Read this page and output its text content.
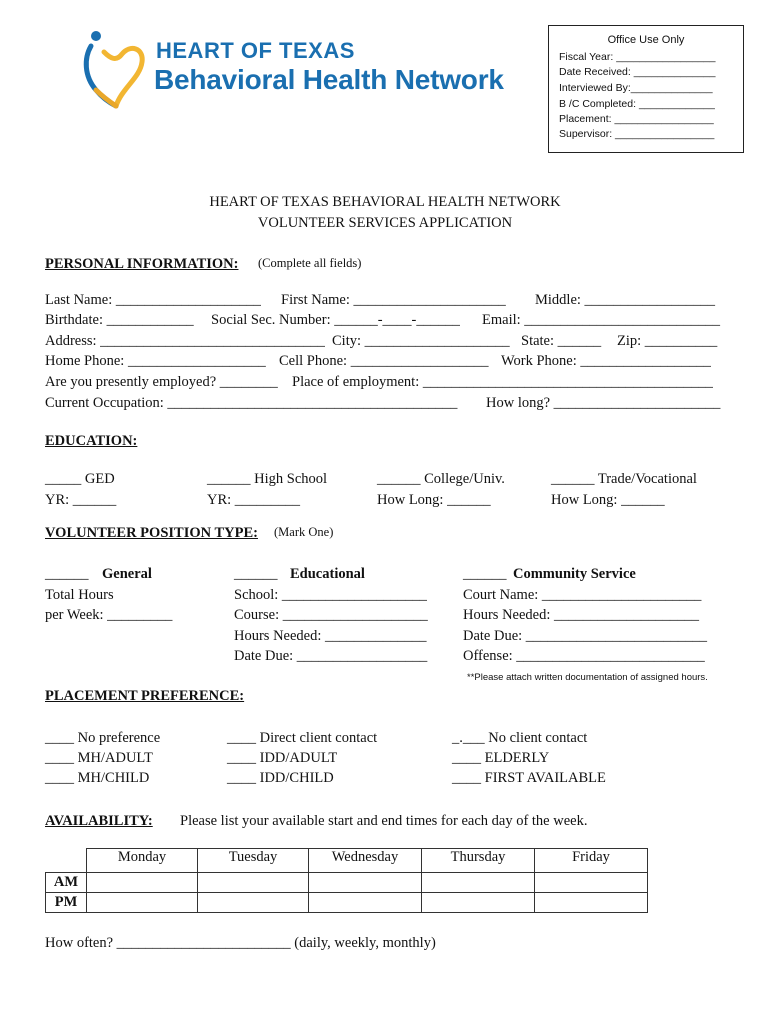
HEART OF TEXAS
Behavioral Health Network
Office Use Only
Fiscal Year: _________________
Date Received: ______________
Interviewed By:______________
B /C Completed: _____________
Placement: _________________
Supervisor: _________________
HEART OF TEXAS BEHAVIORAL HEALTH NETWORK
VOLUNTEER SERVICES APPLICATION
PERSONAL INFORMATION: (Complete all fields)
Last Name: ____________________ First Name: _____________________ Middle: __________________
Birthdate: ____________ Social Sec. Number: ______-____-______ Email: ___________________________
Address: _______________________________ City: ____________________ State: ______ Zip: __________
Home Phone: ___________________ Cell Phone: ___________________ Work Phone: __________________
Are you presently employed? ________ Place of employment: ________________________________________
Current Occupation: ________________________________________ How long? _______________________
EDUCATION:
_____ GED
YR: ______
______ High School
YR: _________
______ College/Univ.
How Long: ______
______ Trade/Vocational
How Long: ______
VOLUNTEER POSITION TYPE: (Mark One)
______ General
Total Hours
per Week: _________
______ Educational
School: ____________________
Course: ____________________
Hours Needed: ______________
Date Due: __________________
______ Community Service
Court Name: ______________________
Hours Needed: ____________________
Date Due: _________________________
Offense: __________________________
**Please attach written documentation of assigned hours.
PLACEMENT PREFERENCE:
____ No preference
____ MH/ADULT
____ MH/CHILD
____ Direct client contact
____ IDD/ADULT
____ IDD/CHILD
_.___ No client contact
____ ELDERLY
____ FIRST AVAILABLE
AVAILABILITY: Please list your available start and end times for each day of the week.
	Monday	Tuesday	Wednesday	Thursday	Friday
AM					
PM					
How often? ________________________ (daily, weekly, monthly)
